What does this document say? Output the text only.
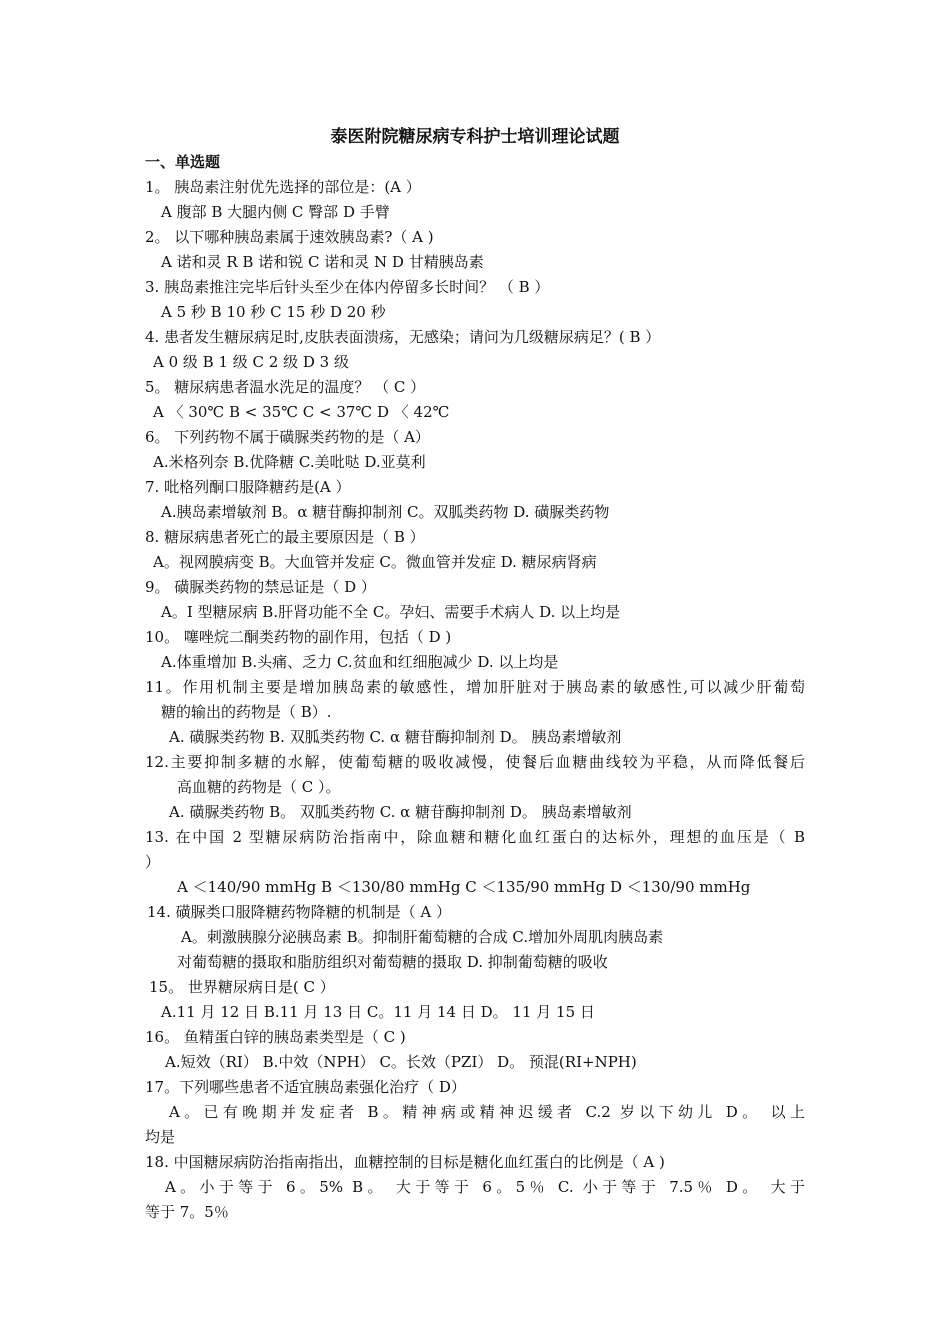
泰医附院糖尿病专科护士培训理论试题
一、单选题
1。 胰岛素注射优先选择的部位是：(A ）
A 腹部 B 大腿内侧 C 臀部 D 手臂
2。 以下哪种胰岛素属于速效胰岛素?（ A )
A 诺和灵 R B 诺和锐 C 诺和灵 N D 甘精胰岛素
3. 胰岛素推注完毕后针头至少在体内停留多长时间？ （ B ）
A 5 秒 B 10 秒 C 15 秒 D 20 秒
4. 患者发生糖尿病足时,皮肤表面溃疡，无感染；请问为几级糖尿病足？( B ）
A 0 级 B 1 级 C 2 级 D 3 级
5。 糖尿病患者温水洗足的温度？ （ C ）
A 〈 30℃ B < 35℃ C < 37℃ D 〈 42℃
6。 下列药物不属于磺脲类药物的是（ A）
A.米格列奈 B.优降糖 C.美吡哒 D.亚莫利
7. 吡格列酮口服降糖药是(A ）
A.胰岛素增敏剂 B。α 糖苷酶抑制剂 C。双胍类药物 D. 磺脲类药物
8. 糖尿病患者死亡的最主要原因是（ B ）
A。视网膜病变 B。大血管并发症 C。微血管并发症 D. 糖尿病肾病
9。 磺脲类药物的禁忌证是（ D ）
A。I 型糖尿病 B.肝肾功能不全 C。孕妇、需要手术病人 D. 以上均是
10。 噻唑烷二酮类药物的副作用，包括（ D )
A.体重增加 B.头痛、乏力 C.贫血和红细胞减少 D. 以上均是
11。作用机制主要是增加胰岛素的敏感性，增加肝脏对于胰岛素的敏感性,可以减少肝葡萄
糖的输出的药物是（ B）.
A. 磺脲类药物 B. 双胍类药物 C. α 糖苷酶抑制剂 D。 胰岛素增敏剂
12.主要抑制多糖的水解，使葡萄糖的吸收减慢，使餐后血糖曲线较为平稳，从而降低餐后
高血糖的药物是（ C ）。
A. 磺脲类药物 B。 双胍类药物 C. α 糖苷酶抑制剂 D。 胰岛素增敏剂
13. 在中国 2 型糖尿病防治指南中，除血糖和糖化血红蛋白的达标外，理想的血压是（ B
）
A ＜140/90 mmHg B ＜130/80 mmHg C ＜135/90 mmHg D ＜130/90 mmHg
14. 磺脲类口服降糖药物降糖的机制是（ A ）
A。刺激胰腺分泌胰岛素 B。抑制肝葡萄糖的合成 C.增加外周肌肉胰岛素
对葡萄糖的摄取和脂肪组织对葡萄糖的摄取 D. 抑制葡萄糖的吸收
15。 世界糖尿病日是( C ）
A.11 月 12 日 B.11 月 13 日 C。11 月 14 日 D。 11 月 15 日
16。 鱼精蛋白锌的胰岛素类型是（ C )
A.短效（RI） B.中效（NPH） C。长效（PZI） D。 预混(RI+NPH)
17。下列哪些患者不适宜胰岛素强化治疗（ D）
A。已有晚期并发症者 B。精神病或精神迟缓者 C.2 岁以下幼儿 D。 以上
均是
18. 中国糖尿病防治指南指出，血糖控制的目标是糖化血红蛋白的比例是（ A )
A。小于等于 6。5% B。 大于等于 6。5％ C. 小于等于 7.5％ D。 大于
等于 7。5％
